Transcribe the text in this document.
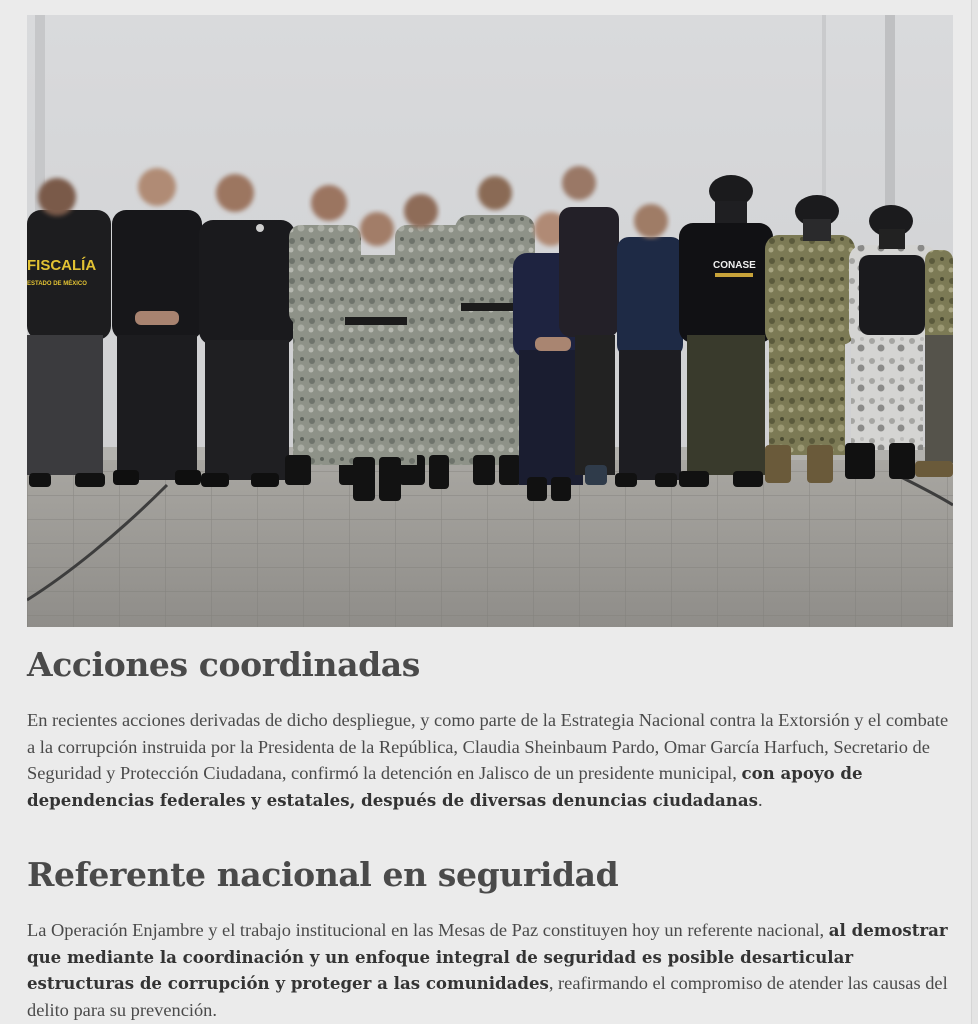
FISCALÍA
ESTADO DE MÉXICO
CONASE
Acciones coordinadas

En recientes acciones derivadas de dicho despliegue, y como parte de la Estrategia Nacional contra la Extorsión y el combate a la corrupción instruida por la Presidenta de la República, Claudia Sheinbaum Pardo, Omar García Harfuch, Secretario de Seguridad y Protección Ciudadana, confirmó la detención en Jalisco de un presidente municipal, con apoyo de dependencias federales y estatales, después de diversas denuncias ciudadanas.

Referente nacional en seguridad

La Operación Enjambre y el trabajo institucional en las Mesas de Paz constituyen hoy un referente nacional, al demostrar que mediante la coordinación y un enfoque integral de seguridad es posible desarticular estructuras de corrupción y proteger a las comunidades, reafirmando el compromiso de atender las causas del delito para su prevención.
